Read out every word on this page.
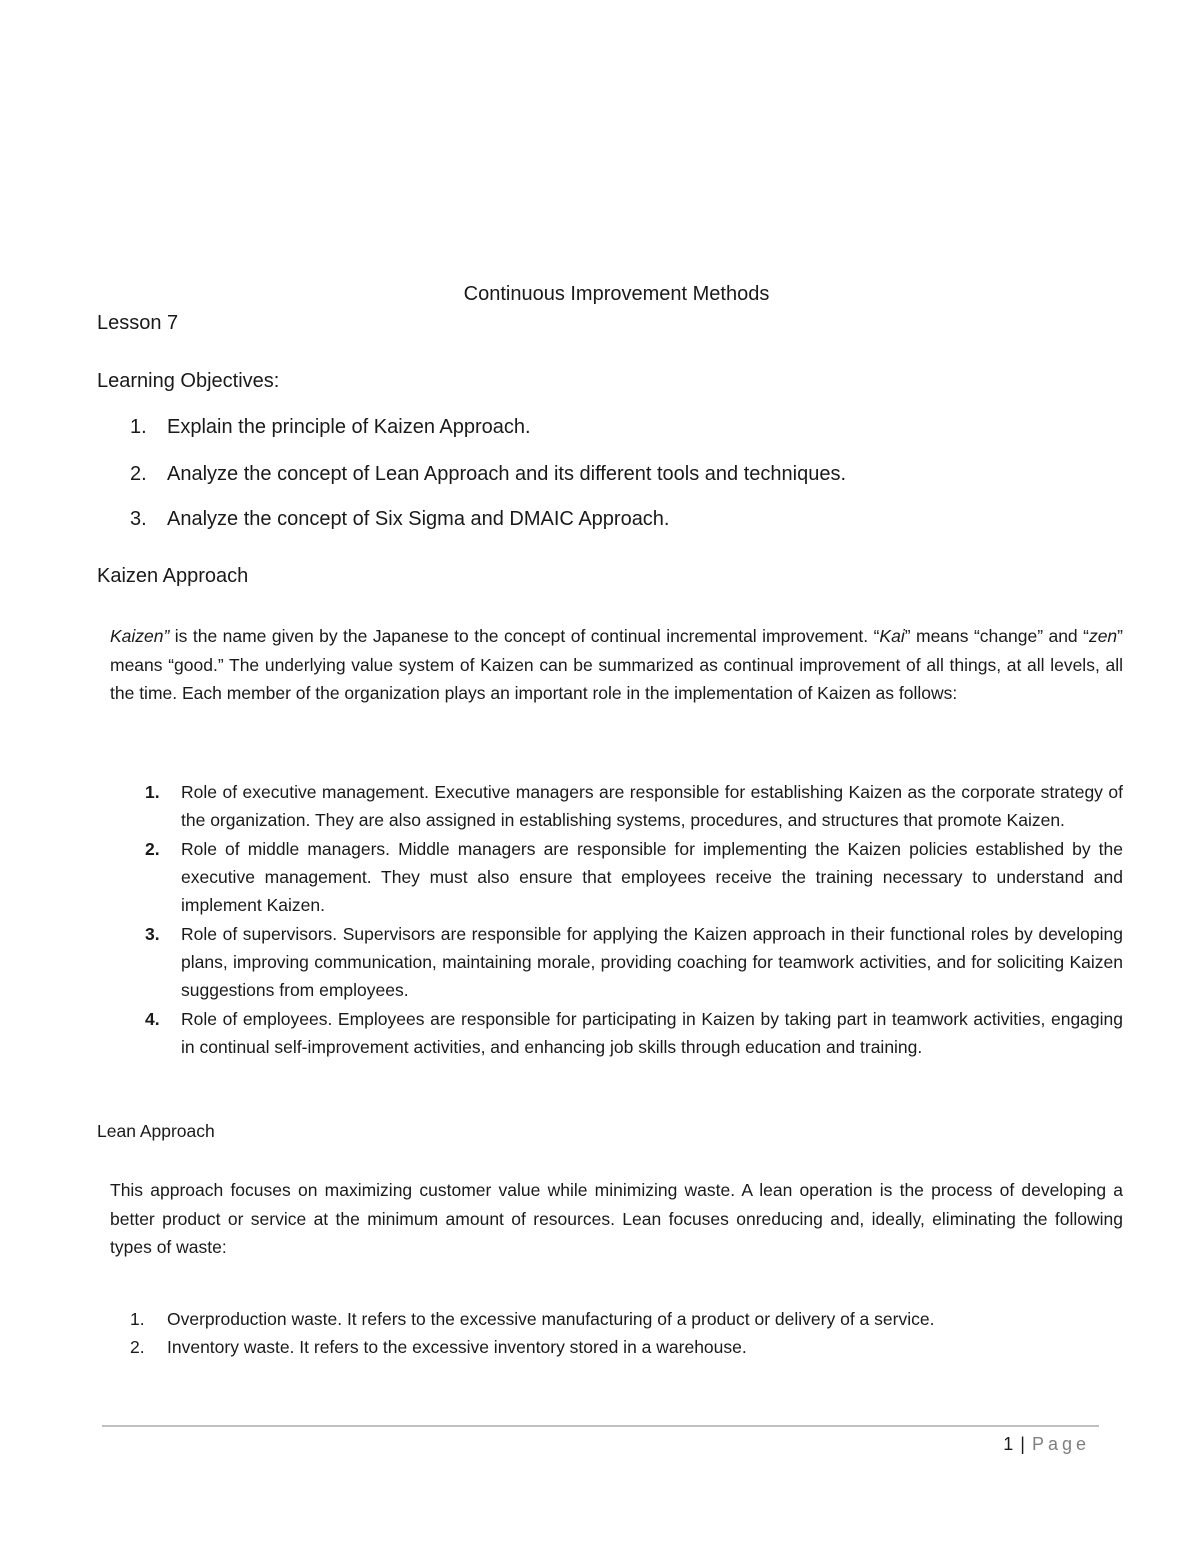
Continuous Improvement Methods
Lesson 7
Learning Objectives:
1. Explain the principle of Kaizen Approach.
2. Analyze the concept of Lean Approach and its different tools and techniques.
3. Analyze the concept of Six Sigma and DMAIC Approach.
Kaizen Approach
Kaizen” is the name given by the Japanese to the concept of continual incremental improvement. “Kai” means “change” and “zen” means “good.” The underlying value system of Kaizen can be summarized as continual improvement of all things, at all levels, all the time. Each member of the organization plays an important role in the implementation of Kaizen as follows:
1. Role of executive management. Executive managers are responsible for establishing Kaizen as the corporate strategy of the organization. They are also assigned in establishing systems, procedures, and structures that promote Kaizen.
2. Role of middle managers. Middle managers are responsible for implementing the Kaizen policies established by the executive management. They must also ensure that employees receive the training necessary to understand and implement Kaizen.
3. Role of supervisors. Supervisors are responsible for applying the Kaizen approach in their functional roles by developing plans, improving communication, maintaining morale, providing coaching for teamwork activities, and for soliciting Kaizen suggestions from employees.
4. Role of employees. Employees are responsible for participating in Kaizen by taking part in teamwork activities, engaging in continual self-improvement activities, and enhancing job skills through education and training.
Lean Approach
This approach focuses on maximizing customer value while minimizing waste. A lean operation is the process of developing a better product or service at the minimum amount of resources. Lean focuses onreducing and, ideally, eliminating the following types of waste:
1. Overproduction waste. It refers to the excessive manufacturing of a product or delivery of a service.
2. Inventory waste. It refers to the excessive inventory stored in a warehouse.
1 | Page
